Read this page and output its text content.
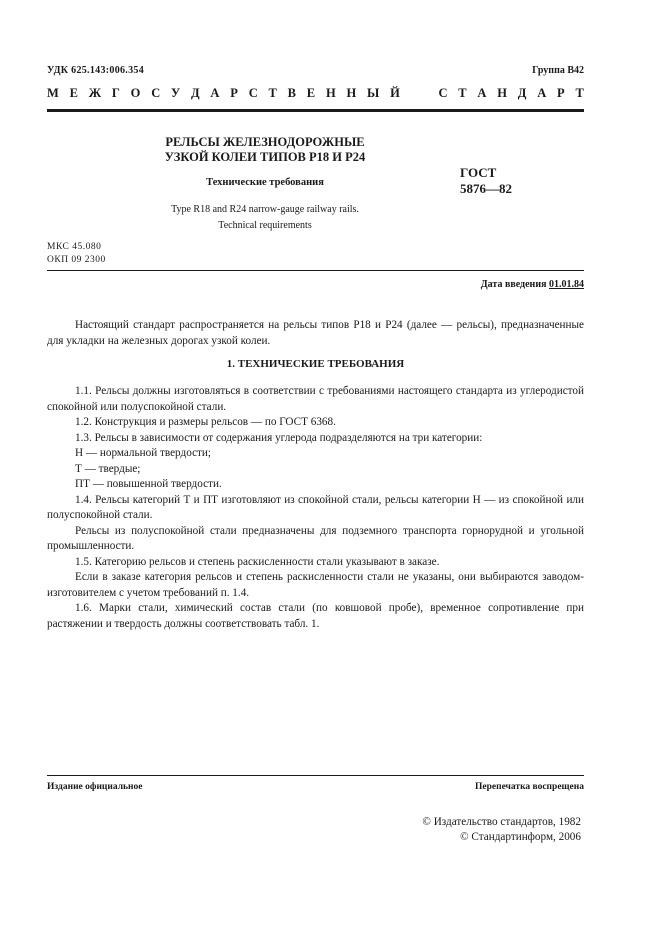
УДК 625.143:006.354	Группа В42
М Е Ж Г О С У Д А Р С Т В Е Н Н Ы Й

	С Т А Н Д А Р Т
РЕЛЬСЫ ЖЕЛЕЗНОДОРОЖНЫЕ
УЗКОЙ КОЛЕИ ТИПОВ Р18 И Р24
Технические требования
ГОСТ
5876—82
Type R18 and R24 narrow-gauge railway rails.
Technical requirements
МКС 45.080
ОКП 09 2300
Дата введения 01.01.84

Настоящий стандарт распространяется на рельсы типов Р18 и Р24 (далее — рельсы), предназначенные для укладки на железных дорогах узкой колеи.

1. ТЕХНИЧЕСКИЕ ТРЕБОВАНИЯ

1.1. Рельсы должны изготовляться в соответствии с требованиями настоящего стандарта из углеродистой спокойной или полуспокойной стали.

1.2. Конструкция и размеры рельсов — по ГОСТ 6368.

1.3. Рельсы в зависимости от содержания углерода подразделяются на три категории:

Н — нормальной твердости;

Т — твердые;

ПТ — повышенной твердости.

1.4. Рельсы категорий Т и ПТ изготовляют из спокойной стали, рельсы категории Н — из спокойной или полуспокойной стали.

Рельсы из полуспокойной стали предназначены для подземного транспорта горнорудной и угольной промышленности.

1.5. Категорию рельсов и степень раскисленности стали указывают в заказе.

Если в заказе категория рельсов и степень раскисленности стали не указаны, они выбираются заводом-изготовителем с учетом требований п. 1.4.

1.6. Марки стали, химический состав стали (по ковшовой пробе), временное сопротивление при растяжении и твердость должны соответствовать табл. 1.

Издание официальное	Перепечатка воспрещена
© Издательство стандартов, 1982
© Стандартинформ, 2006
